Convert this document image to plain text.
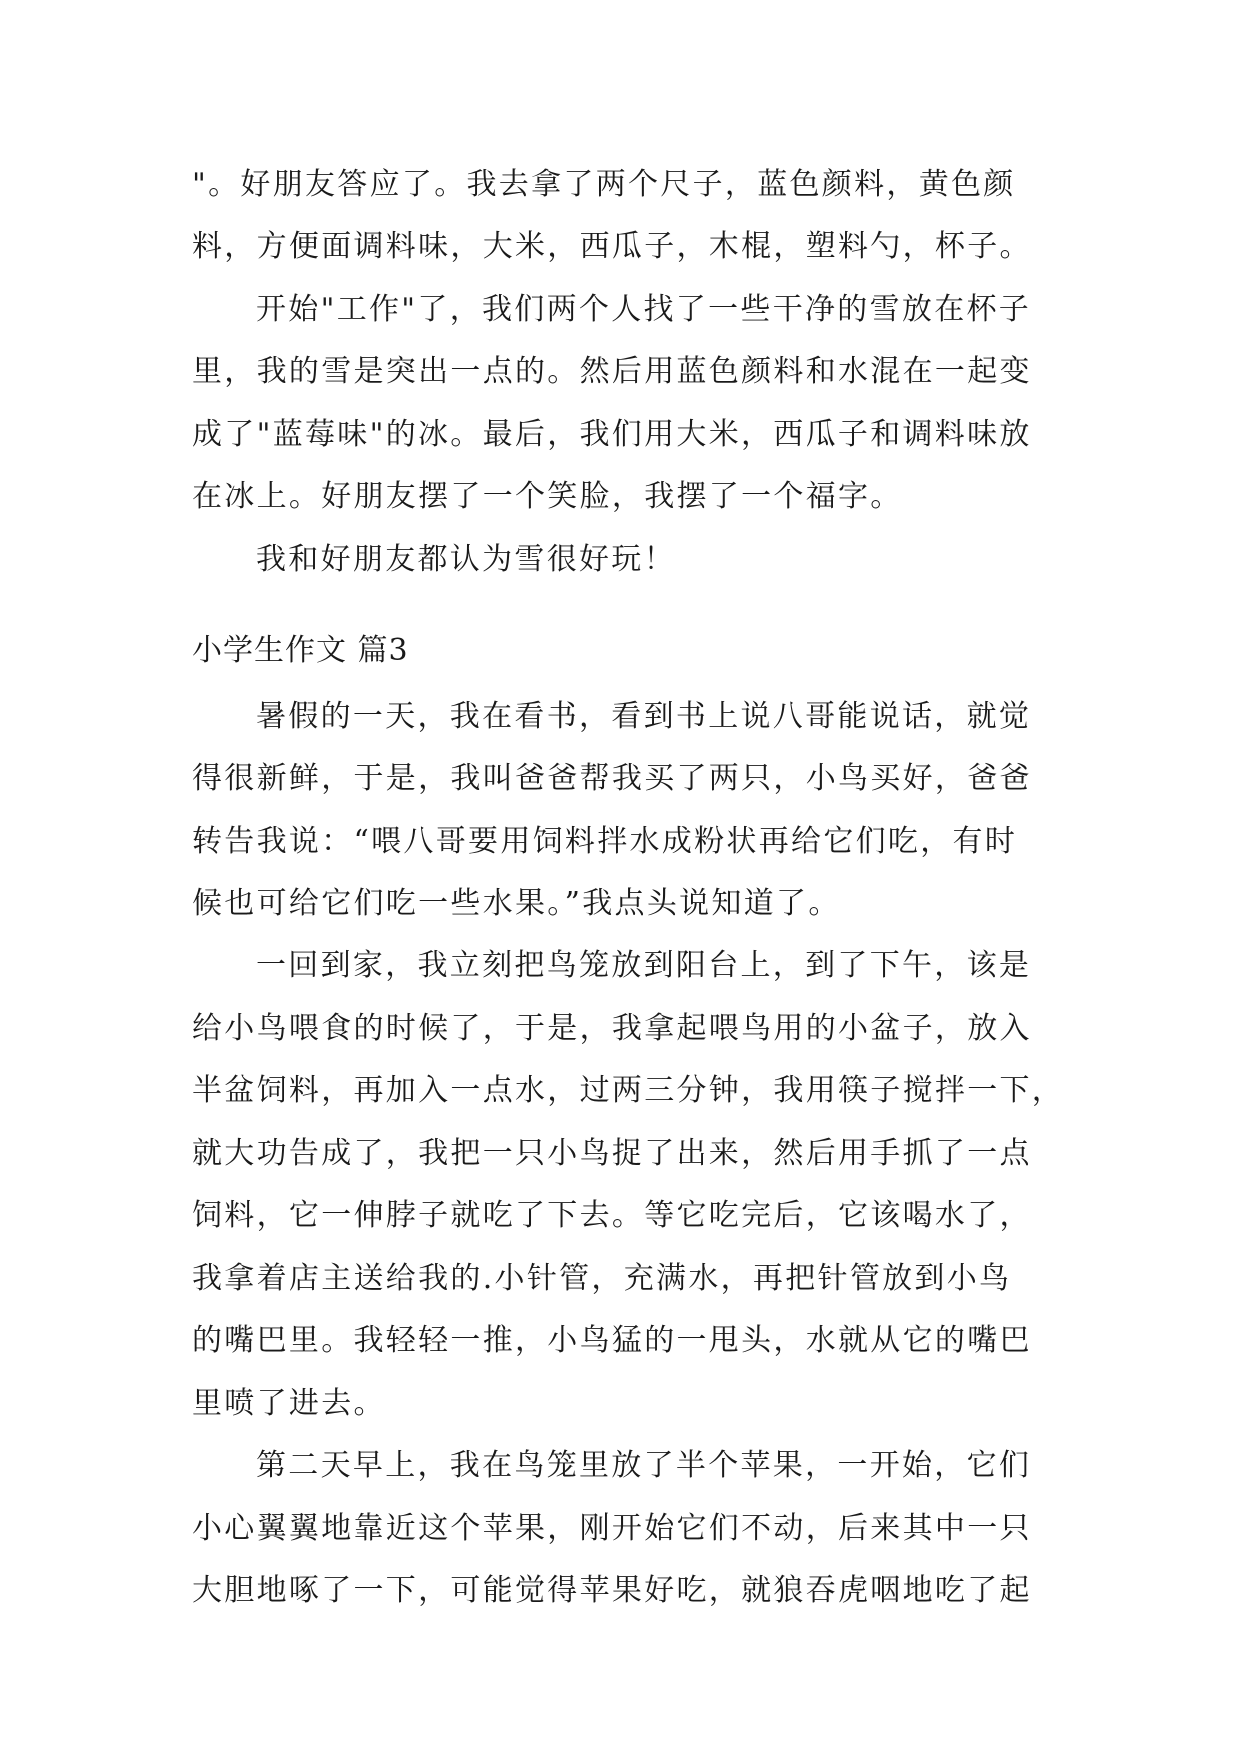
"。好朋友答应了。我去拿了两个尺子，蓝色颜料，黄色颜
料，方便面调料味，大米，西瓜子，木棍，塑料勺，杯子。
开始"工作"了，我们两个人找了一些干净的雪放在杯子
里，我的雪是突出一点的。然后用蓝色颜料和水混在一起变
成了"蓝莓味"的冰。最后，我们用大米，西瓜子和调料味放
在冰上。好朋友摆了一个笑脸，我摆了一个福字。
我和好朋友都认为雪很好玩！
小学生作文 篇3
暑假的一天，我在看书，看到书上说八哥能说话，就觉
得很新鲜，于是，我叫爸爸帮我买了两只，小鸟买好，爸爸
转告我说：“喂八哥要用饲料拌水成粉状再给它们吃，有时
候也可给它们吃一些水果。”我点头说知道了。
一回到家，我立刻把鸟笼放到阳台上，到了下午，该是
给小鸟喂食的时候了，于是，我拿起喂鸟用的小盆子，放入
半盆饲料，再加入一点水，过两三分钟，我用筷子搅拌一下，
就大功告成了，我把一只小鸟捉了出来，然后用手抓了一点
饲料，它一伸脖子就吃了下去。等它吃完后，它该喝水了，
我拿着店主送给我的.小针管，充满水，再把针管放到小鸟
的嘴巴里。我轻轻一推，小鸟猛的一甩头，水就从它的嘴巴
里喷了进去。
第二天早上，我在鸟笼里放了半个苹果，一开始，它们
小心翼翼地靠近这个苹果，刚开始它们不动，后来其中一只
大胆地啄了一下，可能觉得苹果好吃，就狼吞虎咽地吃了起
